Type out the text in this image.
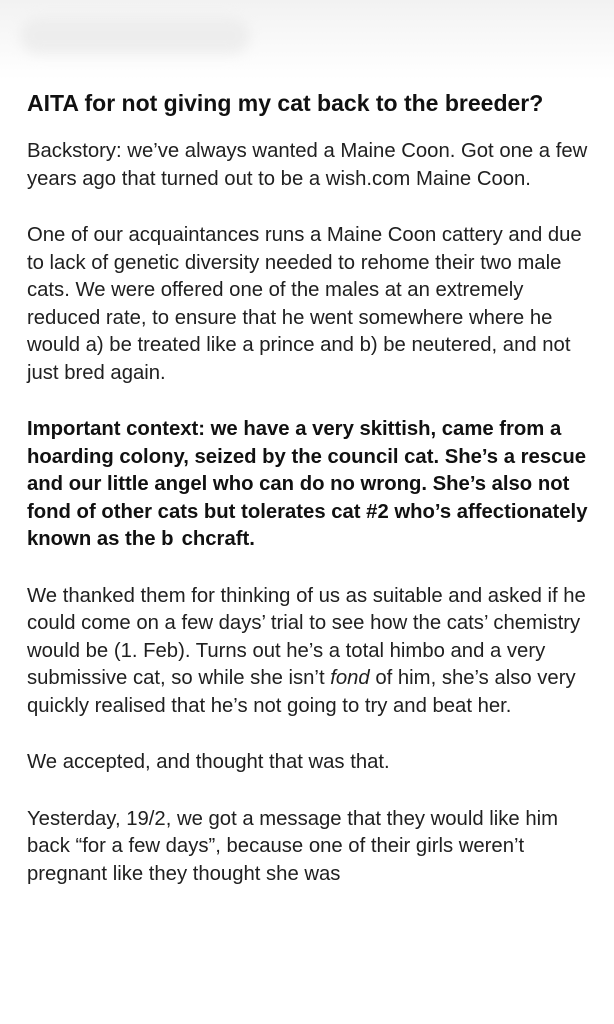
AITA for not giving my cat back to the breeder?

Backstory: we’ve always wanted a Maine Coon. Got one a few years ago that turned out to be a wish.com Maine Coon.

One of our acquaintances runs a Maine Coon cattery and due to lack of genetic diversity needed to rehome their two male cats. We were offered one of the males at an extremely reduced rate, to ensure that he went somewhere where he would a) be treated like a prince and b) be neutered, and not just bred again.

Important context: we have a very skittish, came from a hoarding colony, seized by the council cat. She’s a rescue and our little angel who can do no wrong. She’s also not fond of other cats but tolerates cat #2 who’s affectionately known as the b  chcraft.

We thanked them for thinking of us as suitable and asked if he could come on a few days’ trial to see how the cats’ chemistry would be (1. Feb). Turns out he’s a total himbo and a very submissive cat, so while she isn’t fond of him, she’s also very quickly realised that he’s not going to try and beat her.

We accepted, and thought that was that.

Yesterday, 19/2, we got a message that they would like him back “for a few days”, because one of their girls weren’t pregnant like they thought she was
